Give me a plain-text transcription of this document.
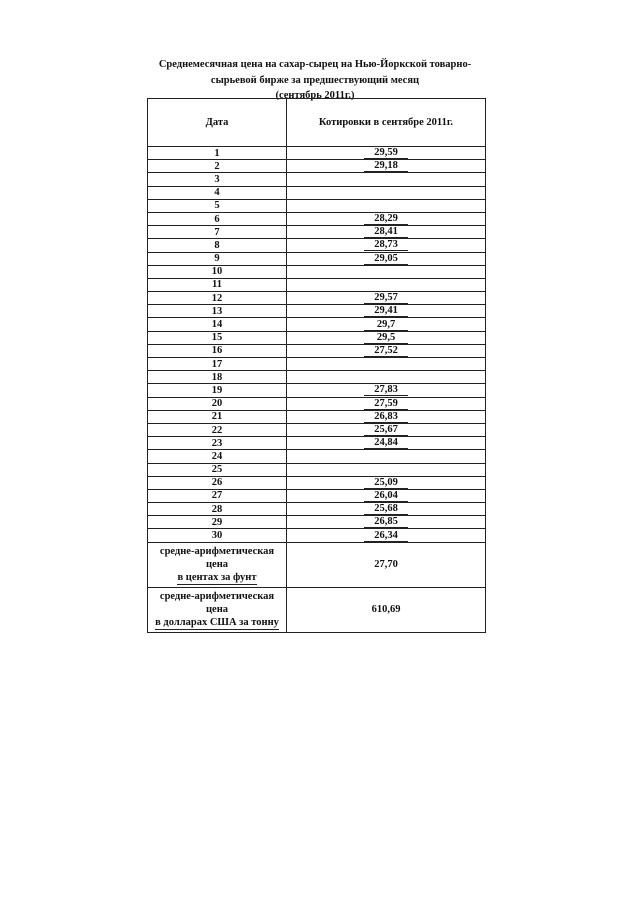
Среднемесячная цена на сахар-сырец на Нью-Йоркской товарно-
сырьевой бирже за предшествующий месяц
(сентябрь 2011г.)
Дата	Котировки в сентябре 2011г.
1	29,59
2	29,18
3	
4	
5	
6	28,29
7	28,41
8	28,73
9	29,05
10	
11	
12	29,57
13	29,41
14	29,7
15	29,5
16	27,52
17	
18	
19	27,83
20	27,59
21	26,83
22	25,67
23	24,84
24	
25	
26	25,09
27	26,04
28	25,68
29	26,85
30	26,34

средне-арифметическая цена
в центах за фунт	27,70

средне-арифметическая цена
в долларах США за тонну	610,69
